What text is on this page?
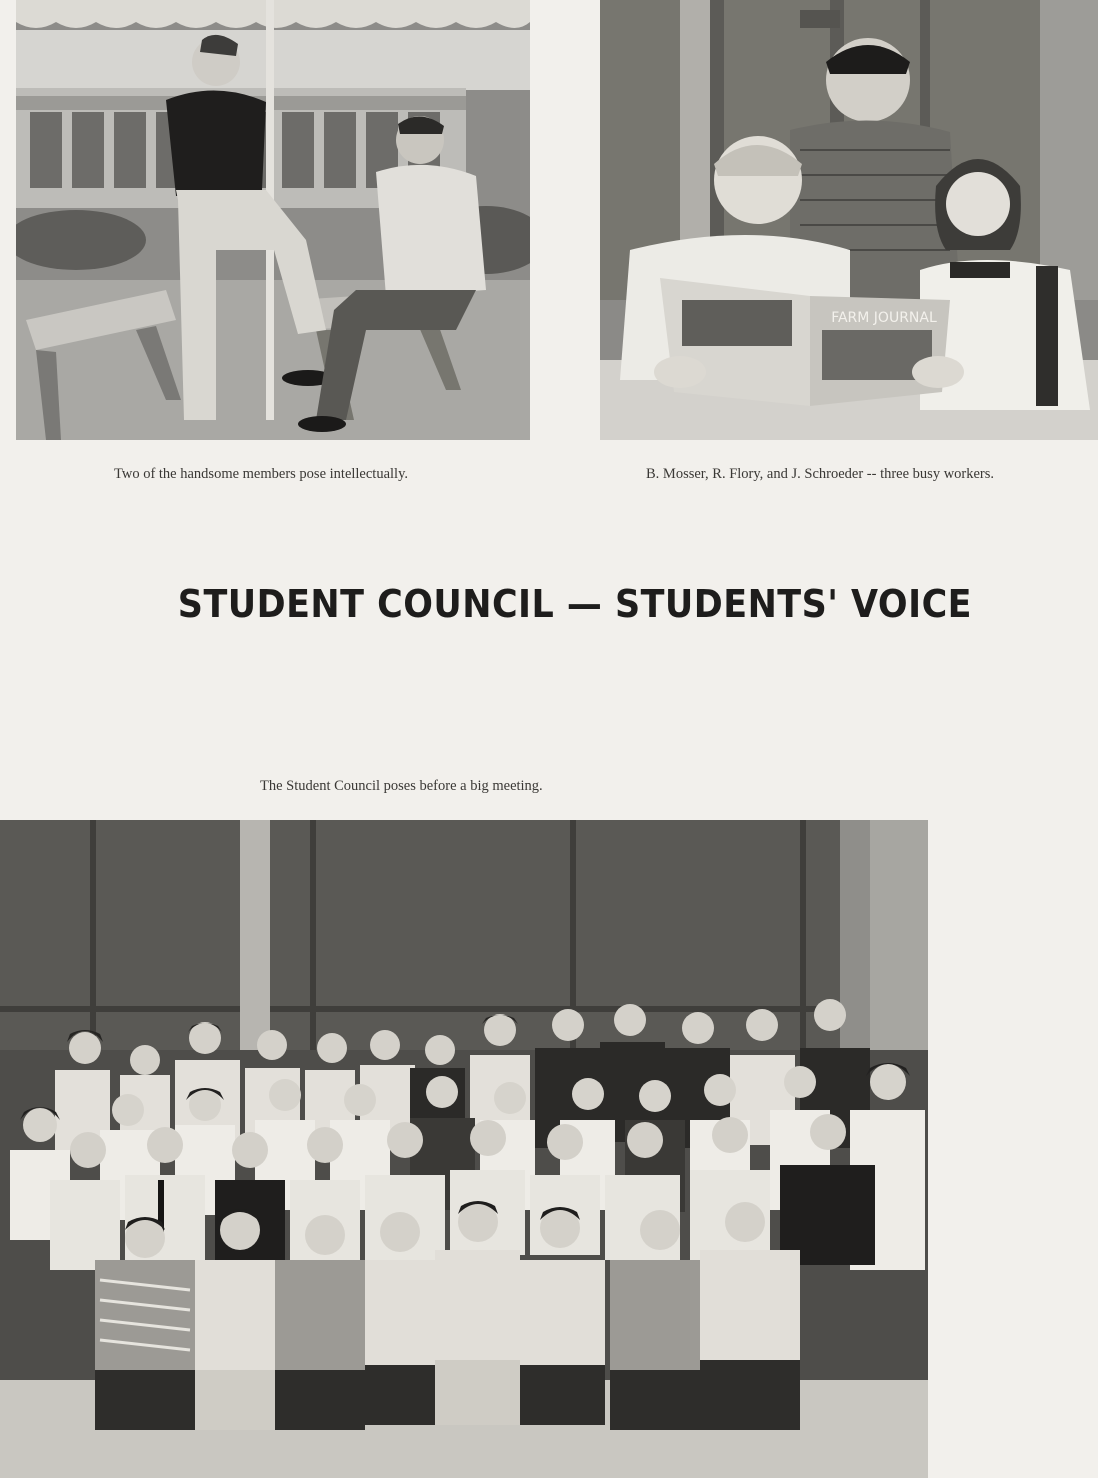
FARM JOURNAL

Two of the handsome members pose intellectually.	B. Mosser, R. Flory, and J. Schroeder -- three busy workers.

STUDENT COUNCIL — STUDENTS' VOICE

The Student Council poses before a big meeting.
